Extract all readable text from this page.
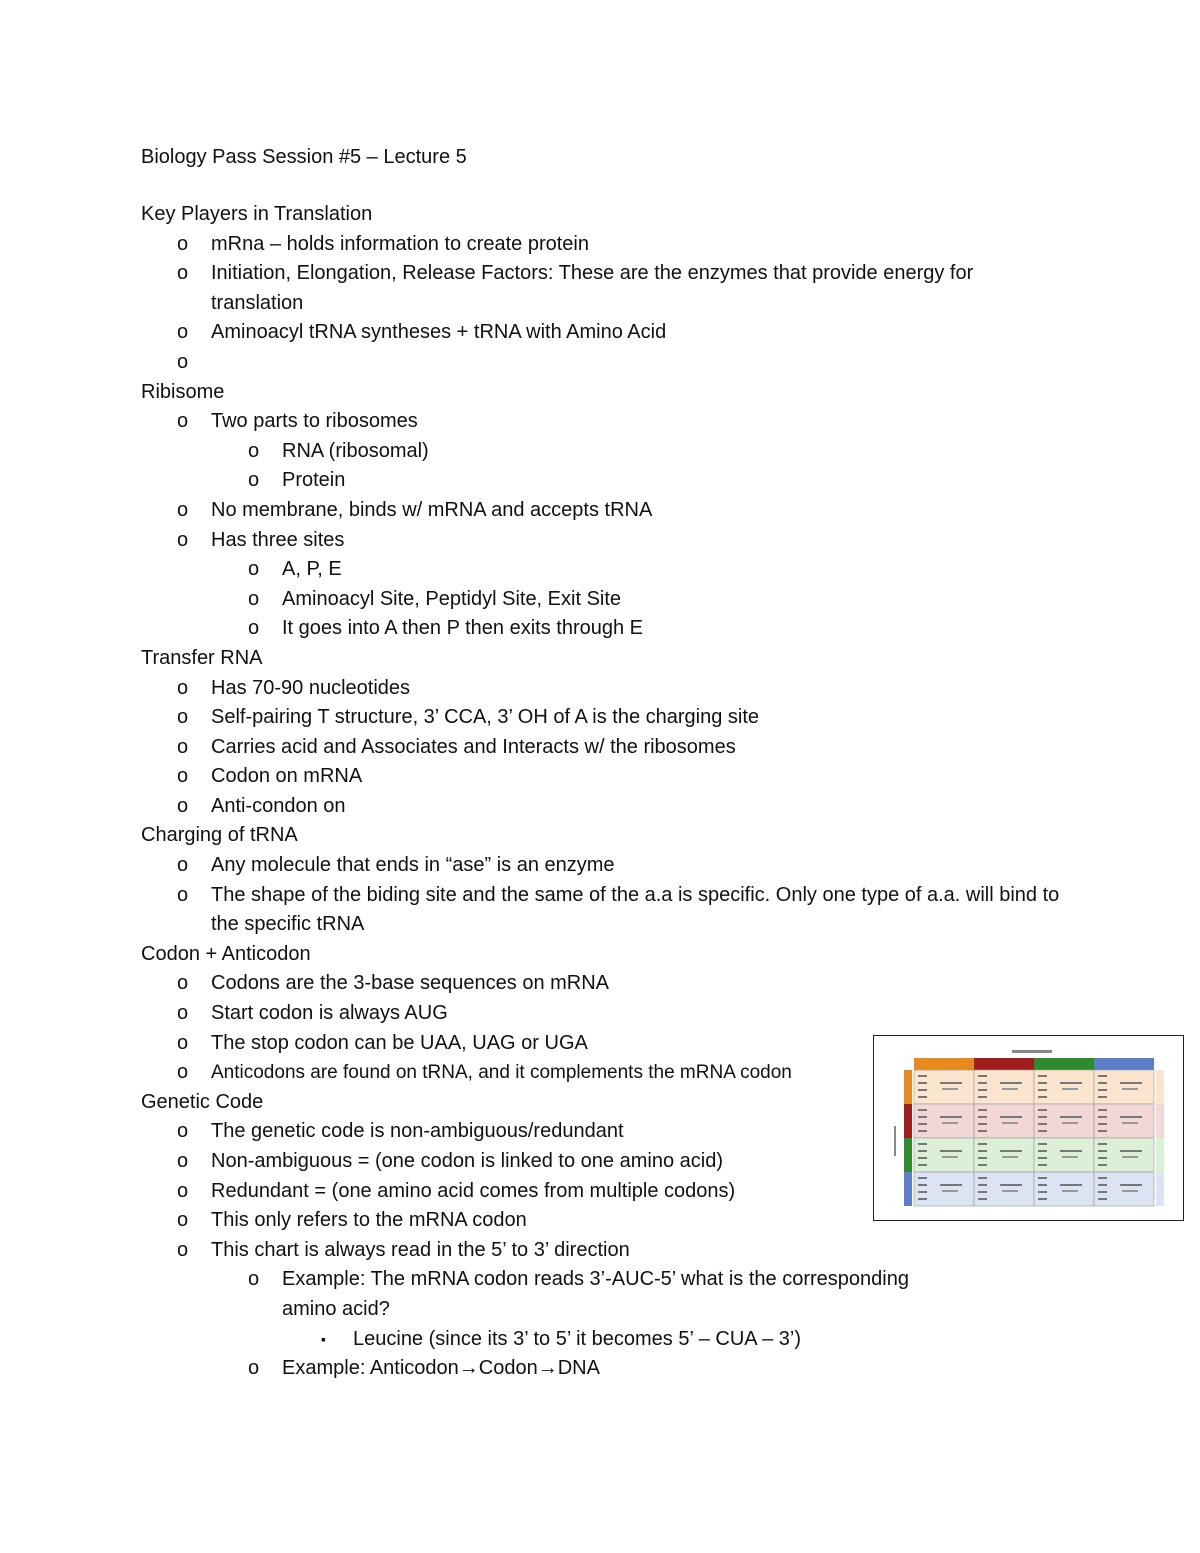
Biology Pass Session #5 – Lecture 5
Key Players in Translation
o mRna – holds information to create protein
o Initiation, Elongation, Release Factors: These are the enzymes that provide energy for translation
o Aminoacyl tRNA syntheses + tRNA with Amino Acid
o
Ribisome
o Two parts to ribosomes
o RNA (ribosomal)
o Protein
o No membrane, binds w/ mRNA and accepts tRNA
o Has three sites
o A, P, E
o Aminoacyl Site, Peptidyl Site, Exit Site
o It goes into A then P then exits through E
Transfer RNA
o Has 70-90 nucleotides
o Self-pairing T structure, 3’ CCA, 3’ OH of A is the charging site
o Carries acid and Associates and Interacts w/ the ribosomes
o Codon on mRNA
o Anti-condon on
Charging of tRNA
o Any molecule that ends in “ase” is an enzyme
o The shape of the biding site and the same of the a.a is specific. Only one type of a.a. will bind to the specific tRNA
Codon + Anticodon
o Codons are the 3-base sequences on mRNA
o Start codon is always AUG
o The stop codon can be UAA, UAG or UGA
o Anticodons are found on tRNA, and it complements the mRNA codon
Genetic Code
o The genetic code is non-ambiguous/redundant
o Non-ambiguous = (one codon is linked to one amino acid)
o Redundant = (one amino acid comes from multiple codons)
o This only refers to the mRNA codon
o This chart is always read in the 5’ to 3’ direction
o Example: The mRNA codon reads 3’-AUC-5’ what is the corresponding amino acid?
▪ Leucine (since its 3’ to 5’ it becomes 5’ – CUA – 3’)
o Example: Anticodon→Codon→DNA
